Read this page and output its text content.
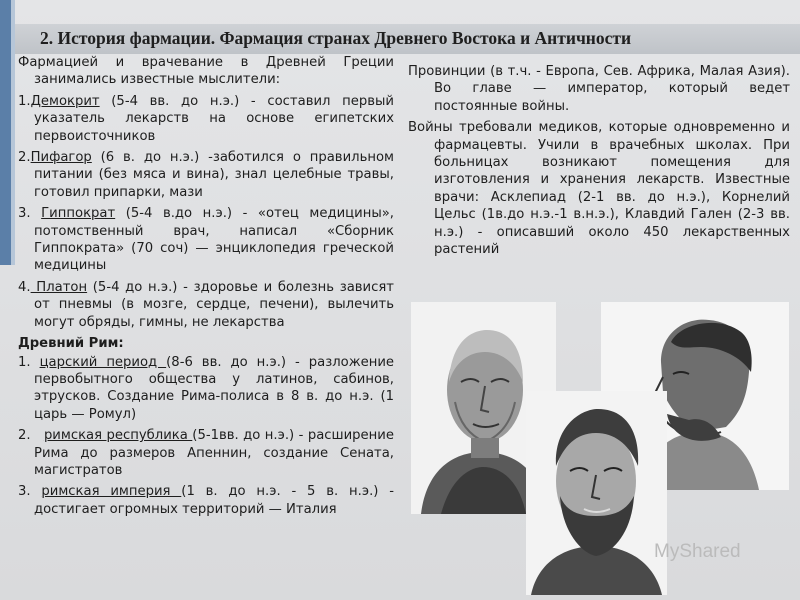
2. История фармации. Фармация странах Древнего Востока и Античности

Фармацией и врачевание в Древней Греции занимались известные мыслители:

1.Демокрит (5-4 вв. до н.э.) - составил первый указатель лекарств на основе египетских первоисточников

2.Пифагор (6 в. до н.э.) -заботился о правильном питании (без мяса и вина), знал целебные травы, готовил припарки, мази

3. Гиппократ (5-4 в.до н.э.) - «отец медицины», потомственный врач, написал «Сборник Гиппократа» (70 соч) — энциклопедия греческой медицины

4. Платон (5-4 до н.э.) - здоровье и болезнь зависят от пневмы (в мозге, сердце, печени), вылечить могут обряды, гимны, не лекарства

Древний Рим:

1. царский период (8-6 вв. до н.э.) - разложение первобытного общества у латинов, сабинов, этрусков. Создание Рима-полиса в 8 в. до н.э. (1 царь — Ромул)

2.   римская республика (5-1вв. до н.э.) - расширение Рима до размеров Апеннин, создание Сената, магистратов

3. римская империя (1 в. до н.э. - 5 в. н.э.) - достигает огромных территорий — Италия

Провинции (в т.ч. - Европа, Сев. Африка, Малая Азия). Во главе — император, который ведет постоянные войны.

Войны требовали медиков, которые одновременно и фармацевты. Учили в врачебных школах. При больницах возникают помещения для изготовления и хранения лекарств. Известные врачи: Асклепиад (2-1 вв. до н.э.), Корнелий Цельс (1в.до н.э.-1 в.н.э.), Клавдий Гален (2-3 вв. н.э.) - описавший около 450 лекарственных растений

MyShared
